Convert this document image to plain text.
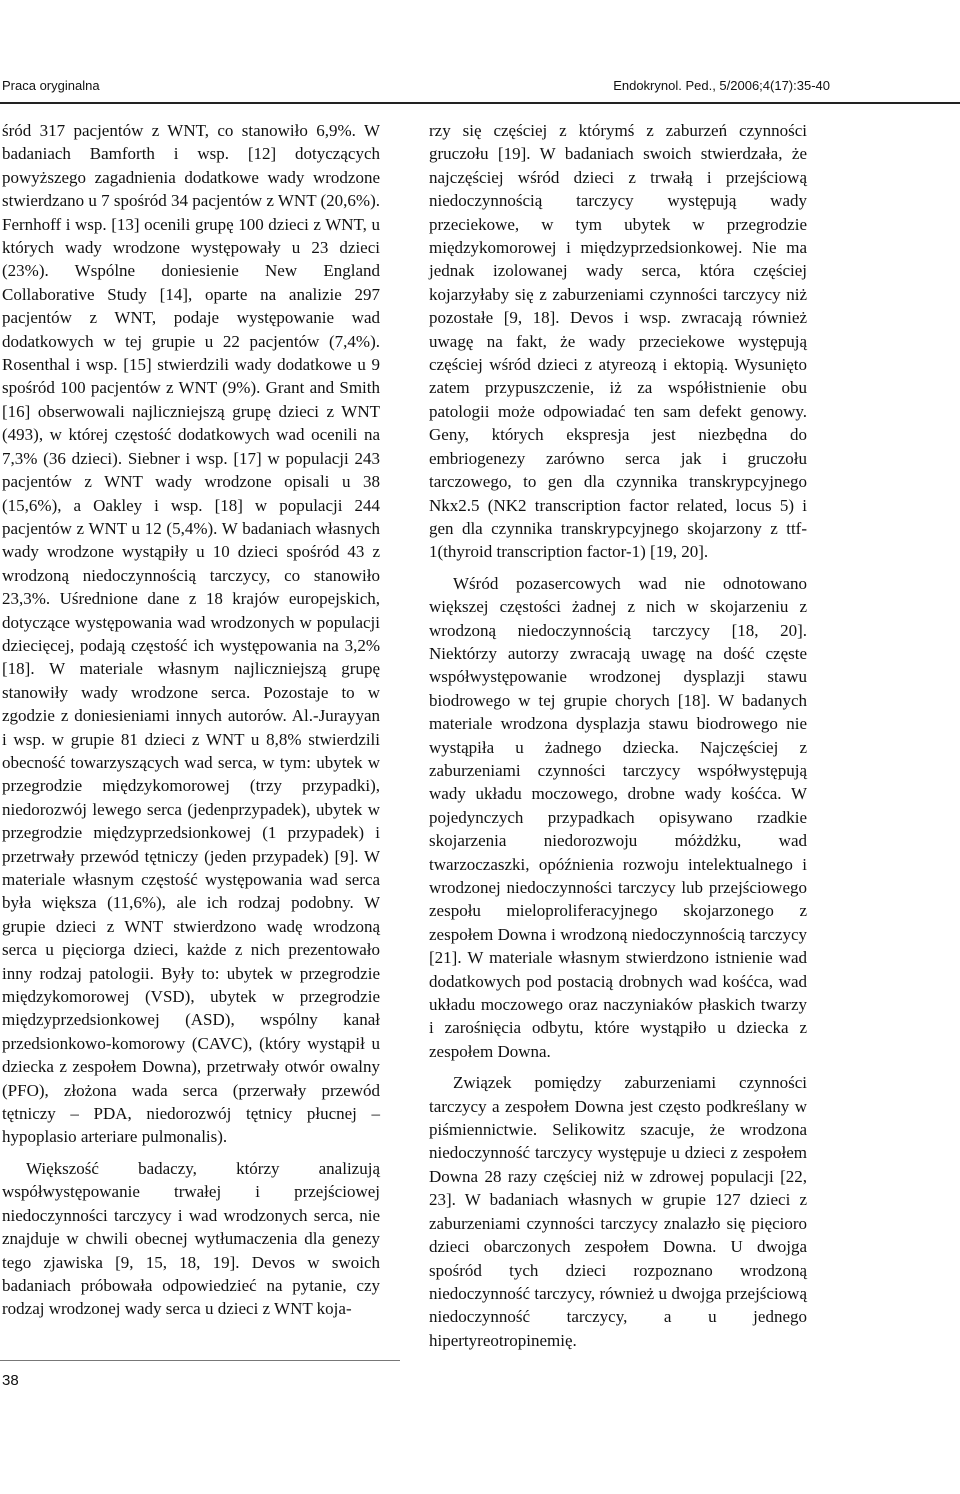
Praca oryginalna	Endokrynol. Ped., 5/2006;4(17):35-40

śród 317 pacjentów z WNT, co stanowiło 6,9%. W badaniach Bamforth i wsp. [12] dotyczących powyższego zagadnienia dodatkowe wady wrodzone stwierdzano u 7 spośród 34 pacjentów z WNT (20,6%). Fernhoff i wsp. [13] ocenili grupę 100 dzieci z WNT, u których wady wrodzone występowały u 23 dzieci (23%). Wspólne doniesienie New England Collaborative Study [14], oparte na analizie 297 pacjentów z WNT, podaje występowanie wad dodatkowych w tej grupie u 22 pacjentów (7,4%). Rosenthal i wsp. [15] stwierdzili wady dodatkowe u 9 spośród 100 pacjentów z WNT (9%). Grant and Smith [16] obserwowali najliczniejszą grupę dzieci z WNT (493), w której częstość dodatkowych wad ocenili na 7,3% (36 dzieci). Siebner i wsp. [17] w populacji 243 pacjentów z WNT wady wrodzone opisali u 38 (15,6%), a Oakley i wsp. [18] w populacji 244 pacjentów z WNT u 12 (5,4%). W badaniach własnych wady wrodzone wystąpiły u 10 dzieci spośród 43 z wrodzoną niedoczynnością tarczycy, co stanowiło 23,3%. Uśrednione dane z 18 krajów europejskich, dotyczące występowania wad wrodzonych w populacji dziecięcej, podają częstość ich występowania na 3,2% [18]. W materiale własnym najliczniejszą grupę stanowiły wady wrodzone serca. Pozostaje to w zgodzie z doniesieniami innych autorów. Al.-Jurayyan i wsp. w grupie 81 dzieci z WNT u 8,8% stwierdzili obecność towarzyszących wad serca, w tym: ubytek w przegrodzie międzykomorowej (trzy przypadki), niedorozwój lewego serca (jedenprzypadek), ubytek w przegrodzie międzyprzedsionkowej (1 przypadek) i przetrwały przewód tętniczy (jeden przypadek) [9]. W materiale własnym częstość występowania wad serca była większa (11,6%), ale ich rodzaj podobny. W grupie dzieci z WNT stwierdzono wadę wrodzoną serca u pięciorga dzieci, każde z nich prezentowało inny rodzaj patologii. Były to: ubytek w przegrodzie międzykomorowej (VSD), ubytek w przegrodzie międzyprzedsionkowej (ASD), wspólny kanał przedsionkowo-komorowy (CAVC), (który wystąpił u dziecka z zespołem Downa), przetrwały otwór owalny (PFO), złożona wada serca (przerwały przewód tętniczy – PDA, niedorozwój tętnicy płucnej – hypoplasio arteriare pulmonalis).

Większość badaczy, którzy analizują współwystępowanie trwałej i przejściowej niedoczynności tarczycy i wad wrodzonych serca, nie znajduje w chwili obecnej wytłumaczenia dla genezy tego zjawiska [9, 15, 18, 19]. Devos w swoich badaniach próbowała odpowiedzieć na pytanie, czy rodzaj wrodzonej wady serca u dzieci z WNT koja-

rzy się częściej z którymś z zaburzeń czynności gruczołu [19]. W badaniach swoich stwierdzała, że najczęściej wśród dzieci z trwałą i przejściową niedoczynnością tarczycy występują wady przeciekowe, w tym ubytek w przegrodzie międzykomorowej i międzyprzedsionkowej. Nie ma jednak izolowanej wady serca, która częściej kojarzyłaby się z zaburzeniami czynności tarczycy niż pozostałe [9, 18]. Devos i wsp. zwracają również uwagę na fakt, że wady przeciekowe występują częściej wśród dzieci z atyreozą i ektopią. Wysunięto zatem przypuszczenie, iż za współistnienie obu patologii może odpowiadać ten sam defekt genowy. Geny, których ekspresja jest niezbędna do embriogenezy zarówno serca jak i gruczołu tarczowego, to gen dla czynnika transkrypcyjnego Nkx2.5 (NK2 transcription factor related, locus 5) i gen dla czynnika transkrypcyjnego skojarzony z ttf-1(thyroid transcription factor-1) [19, 20].

Wśród pozasercowych wad nie odnotowano większej częstości żadnej z nich w skojarzeniu z wrodzoną niedoczynnością tarczycy [18, 20]. Niektórzy autorzy zwracają uwagę na dość częste współwystępowanie wrodzonej dysplazji stawu biodrowego w tej grupie chorych [18]. W badanych materiale wrodzona dysplazja stawu biodrowego nie wystąpiła u żadnego dziecka. Najczęściej z zaburzeniami czynności tarczycy współwystępują wady układu moczowego, drobne wady kośćca. W pojedynczych przypadkach opisywano rzadkie skojarzenia niedorozwoju móżdżku, wad twarzoczaszki, opóźnienia rozwoju intelektualnego i wrodzonej niedoczynności tarczycy lub przejściowego zespołu mieloproliferacyjnego skojarzonego z zespołem Downa i wrodzoną niedoczynnością tarczycy [21]. W materiale własnym stwierdzono istnienie wad dodatkowych pod postacią drobnych wad kośćca, wad układu moczowego oraz naczyniaków płaskich twarzy i zarośnięcia odbytu, które wystąpiło u dziecka z zespołem Downa.

Związek pomiędzy zaburzeniami czynności tarczycy a zespołem Downa jest często podkreślany w piśmiennictwie. Selikowitz szacuje, że wrodzona niedoczynność tarczycy występuje u dzieci z zespołem Downa 28 razy częściej niż w zdrowej populacji [22, 23]. W badaniach własnych w grupie 127 dzieci z zaburzeniami czynności tarczycy znalazło się pięcioro dzieci obarczonych zespołem Downa. U dwojga spośród tych dzieci rozpoznano wrodzoną niedoczynność tarczycy, również u dwojga przejściową niedoczynność tarczycy, a u jednego hipertyreotropinemię.

38
